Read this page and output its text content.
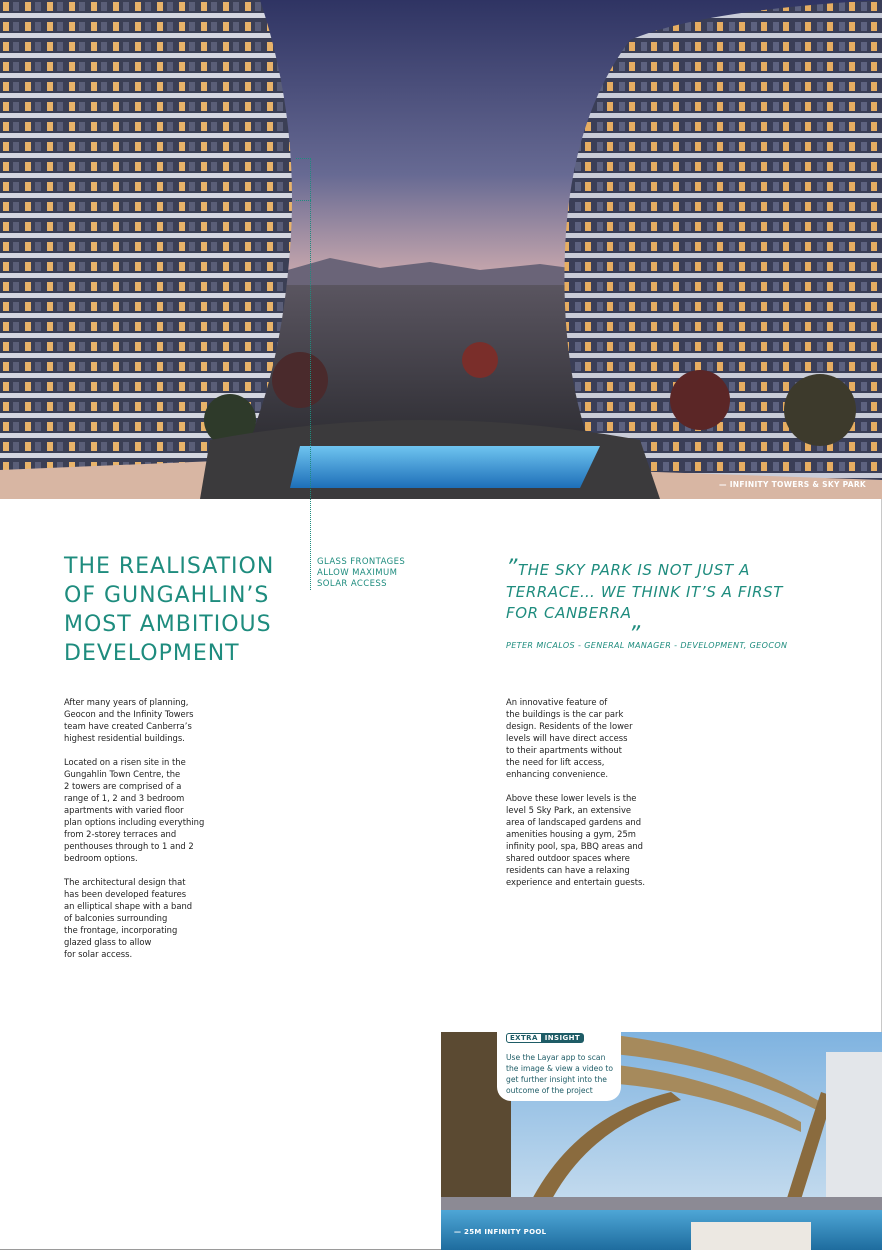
— INFINITY TOWERS & SKY PARK
THE REALISATION
OF GUNGAHLIN’S
MOST AMBITIOUS
DEVELOPMENT
GLASS FRONTAGES
ALLOW MAXIMUM
SOLAR ACCESS
”THE SKY PARK IS NOT JUST A
TERRACE… WE THINK IT’S A FIRST
FOR CANBERRA„
PETER MICALOS - GENERAL MANAGER - DEVELOPMENT, GEOCON

After many years of planning,
Geocon and the Infinity Towers
team have created Canberra’s
highest residential buildings.

Located on a risen site in the
Gungahlin Town Centre, the
2 towers are comprised of a
range of 1, 2 and 3 bedroom
apartments with varied floor
plan options including everything
from 2-storey terraces and
penthouses through to 1 and 2
bedroom options.

The architectural design that
has been developed features
an elliptical shape with a band
of balconies surrounding
the frontage, incorporating
glazed glass to allow
for solar access.

An innovative feature of
the buildings is the car park
design. Residents of the lower
levels will have direct access
to their apartments without
the need for lift access,
enhancing convenience.

Above these lower levels is the
level 5 Sky Park, an extensive
area of landscaped gardens and
amenities housing a gym, 25m
infinity pool, spa, BBQ areas and
shared outdoor spaces where
residents can have a relaxing
experience and entertain guests.

EXTRA	INSIGHT
Use the Layar app to scan
the image & view a video to
get further insight into the
outcome of the project
— 25M INFINITY POOL
